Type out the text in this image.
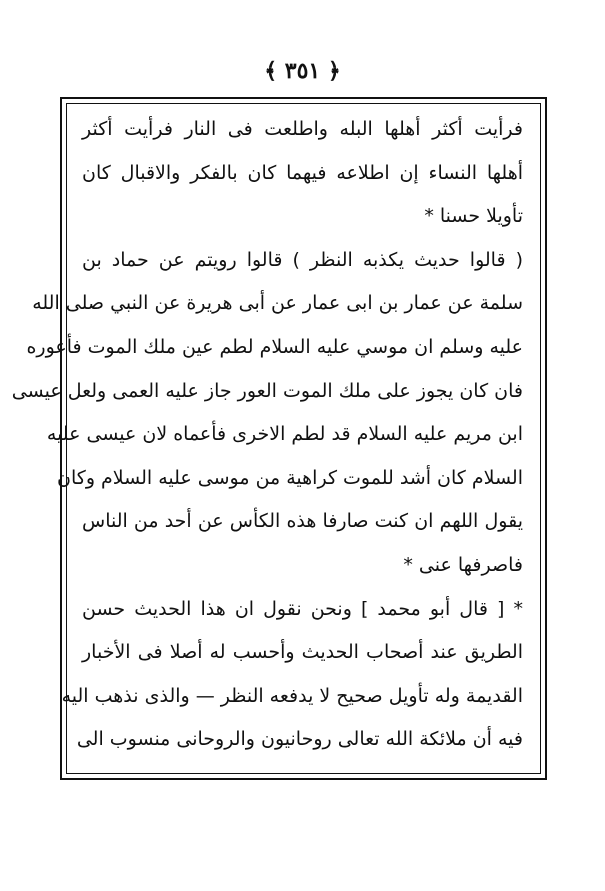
﴿ ٣٥١ ﴾
فرأيت أكثر أهلها البله واطلعت فى النار فرأيت أكثر
أهلها النساء إن اطلاعه فيهما كان بالفكر والاقبال كان
تأويلا حسنا *
( قالوا حديث يكذبه النظر ) قالوا رويتم عن حماد بن
سلمة عن عمار بن ابى عمار عن أبى هريرة عن النبي صلى الله
عليه وسلم ان موسي عليه السلام لطم عين ملك الموت فأعوره
فان كان يجوز على ملك الموت العور جاز عليه العمى ولعل عيسى
ابن مريم عليه السلام قد لطم الاخرى فأعماه لان عيسى عليه
السلام كان أشد للموت كراهية من موسى عليه السلام وكان
يقول اللهم ان كنت صارفا هذه الكأس عن أحد من الناس
فاصرفها عنى *
* [ قال أبو محمد ] ونحن نقول ان هذا الحديث حسن
الطريق عند أصحاب الحديث وأحسب له أصلا فى الأخبار
القديمة وله تأويل صحيح لا يدفعه النظر — والذى نذهب اليه
فيه أن ملائكة الله تعالى روحانيون والروحانى منسوب الى
